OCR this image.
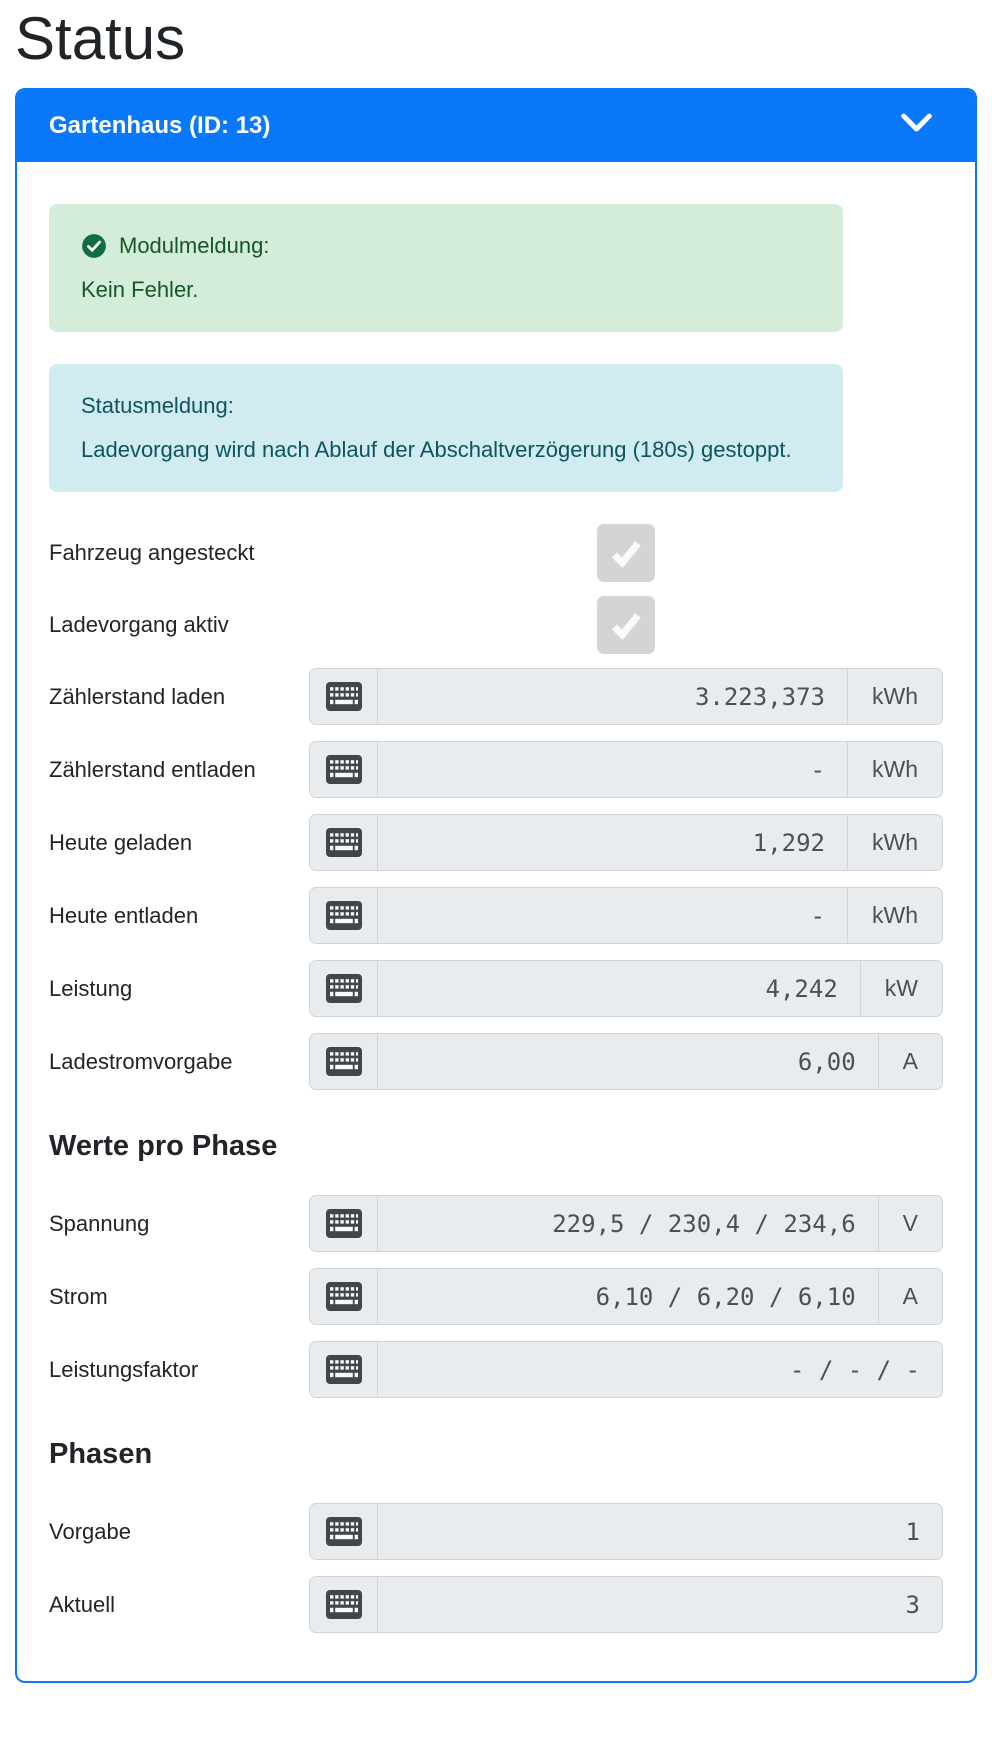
Status
Gartenhaus (ID: 13)
Modulmeldung:
Kein Fehler.
Statusmeldung:
Ladevorgang wird nach Ablauf der Abschaltverzögerung (180s) gestoppt.
Fahrzeug angesteckt
Ladevorgang aktiv
Zählerstand laden	3.223,373	kWh
Zählerstand entladen	-	kWh
Heute geladen	1,292	kWh
Heute entladen	-	kWh
Leistung	4,242	kW
Ladestromvorgabe	6,00	A
Werte pro Phase
Spannung	229,5 / 230,4 / 234,6	V
Strom	6,10 / 6,20 / 6,10	A
Leistungsfaktor	- / - / -
Phasen
Vorgabe	1
Aktuell	3
